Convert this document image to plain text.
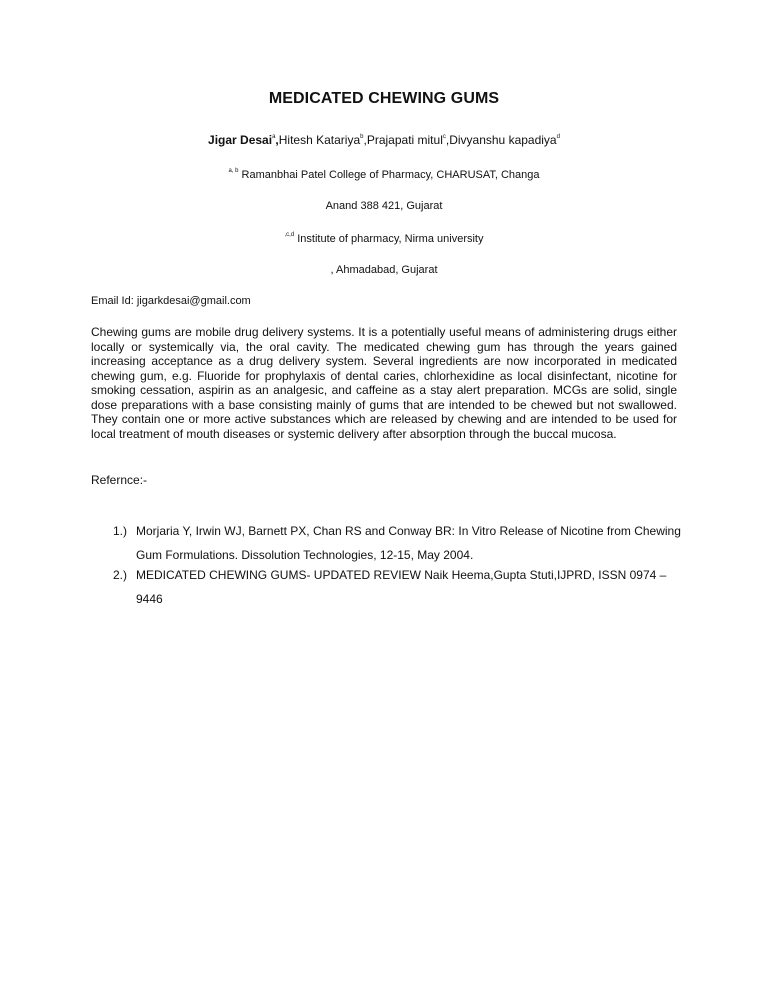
MEDICATED CHEWING GUMS
Jigar Desai$^a$,Hitesh Katariya$^b$,Prajapati mitul$^c$,Divyanshu kapadiya$^d$
$^{a, b}$ Ramanbhai Patel College of Pharmacy, CHARUSAT, Changa
Anand 388 421, Gujarat
$^{,c,d}$ Institute of pharmacy, Nirma university
, Ahmadabad, Gujarat
Email Id: jigarkdesai@gmail.com

Chewing gums are mobile drug delivery systems. It is a potentially useful means of administering drugs either locally or systemically via, the oral cavity. The medicated chewing gum has through the years gained increasing acceptance as a drug delivery system. Several ingredients are now incorporated in medicated chewing gum, e.g. Fluoride for prophylaxis of dental caries, chlorhexidine as local disinfectant, nicotine for smoking cessation, aspirin as an analgesic, and caffeine as a stay alert preparation. MCGs are solid, single dose preparations with a base consisting mainly of gums that are intended to be chewed but not swallowed. They contain one or more active substances which are released by chewing and are intended to be used for local treatment of mouth diseases or systemic delivery after absorption through the buccal mucosa.

Refernce:-
1.) Morjaria Y, Irwin WJ, Barnett PX, Chan RS and Conway BR: In Vitro Release of Nicotine from Chewing Gum Formulations. Dissolution Technologies, 12-15, May 2004.
2.) MEDICATED CHEWING GUMS- UPDATED REVIEW Naik Heema,Gupta Stuti,IJPRD, ISSN 0974 – 9446
